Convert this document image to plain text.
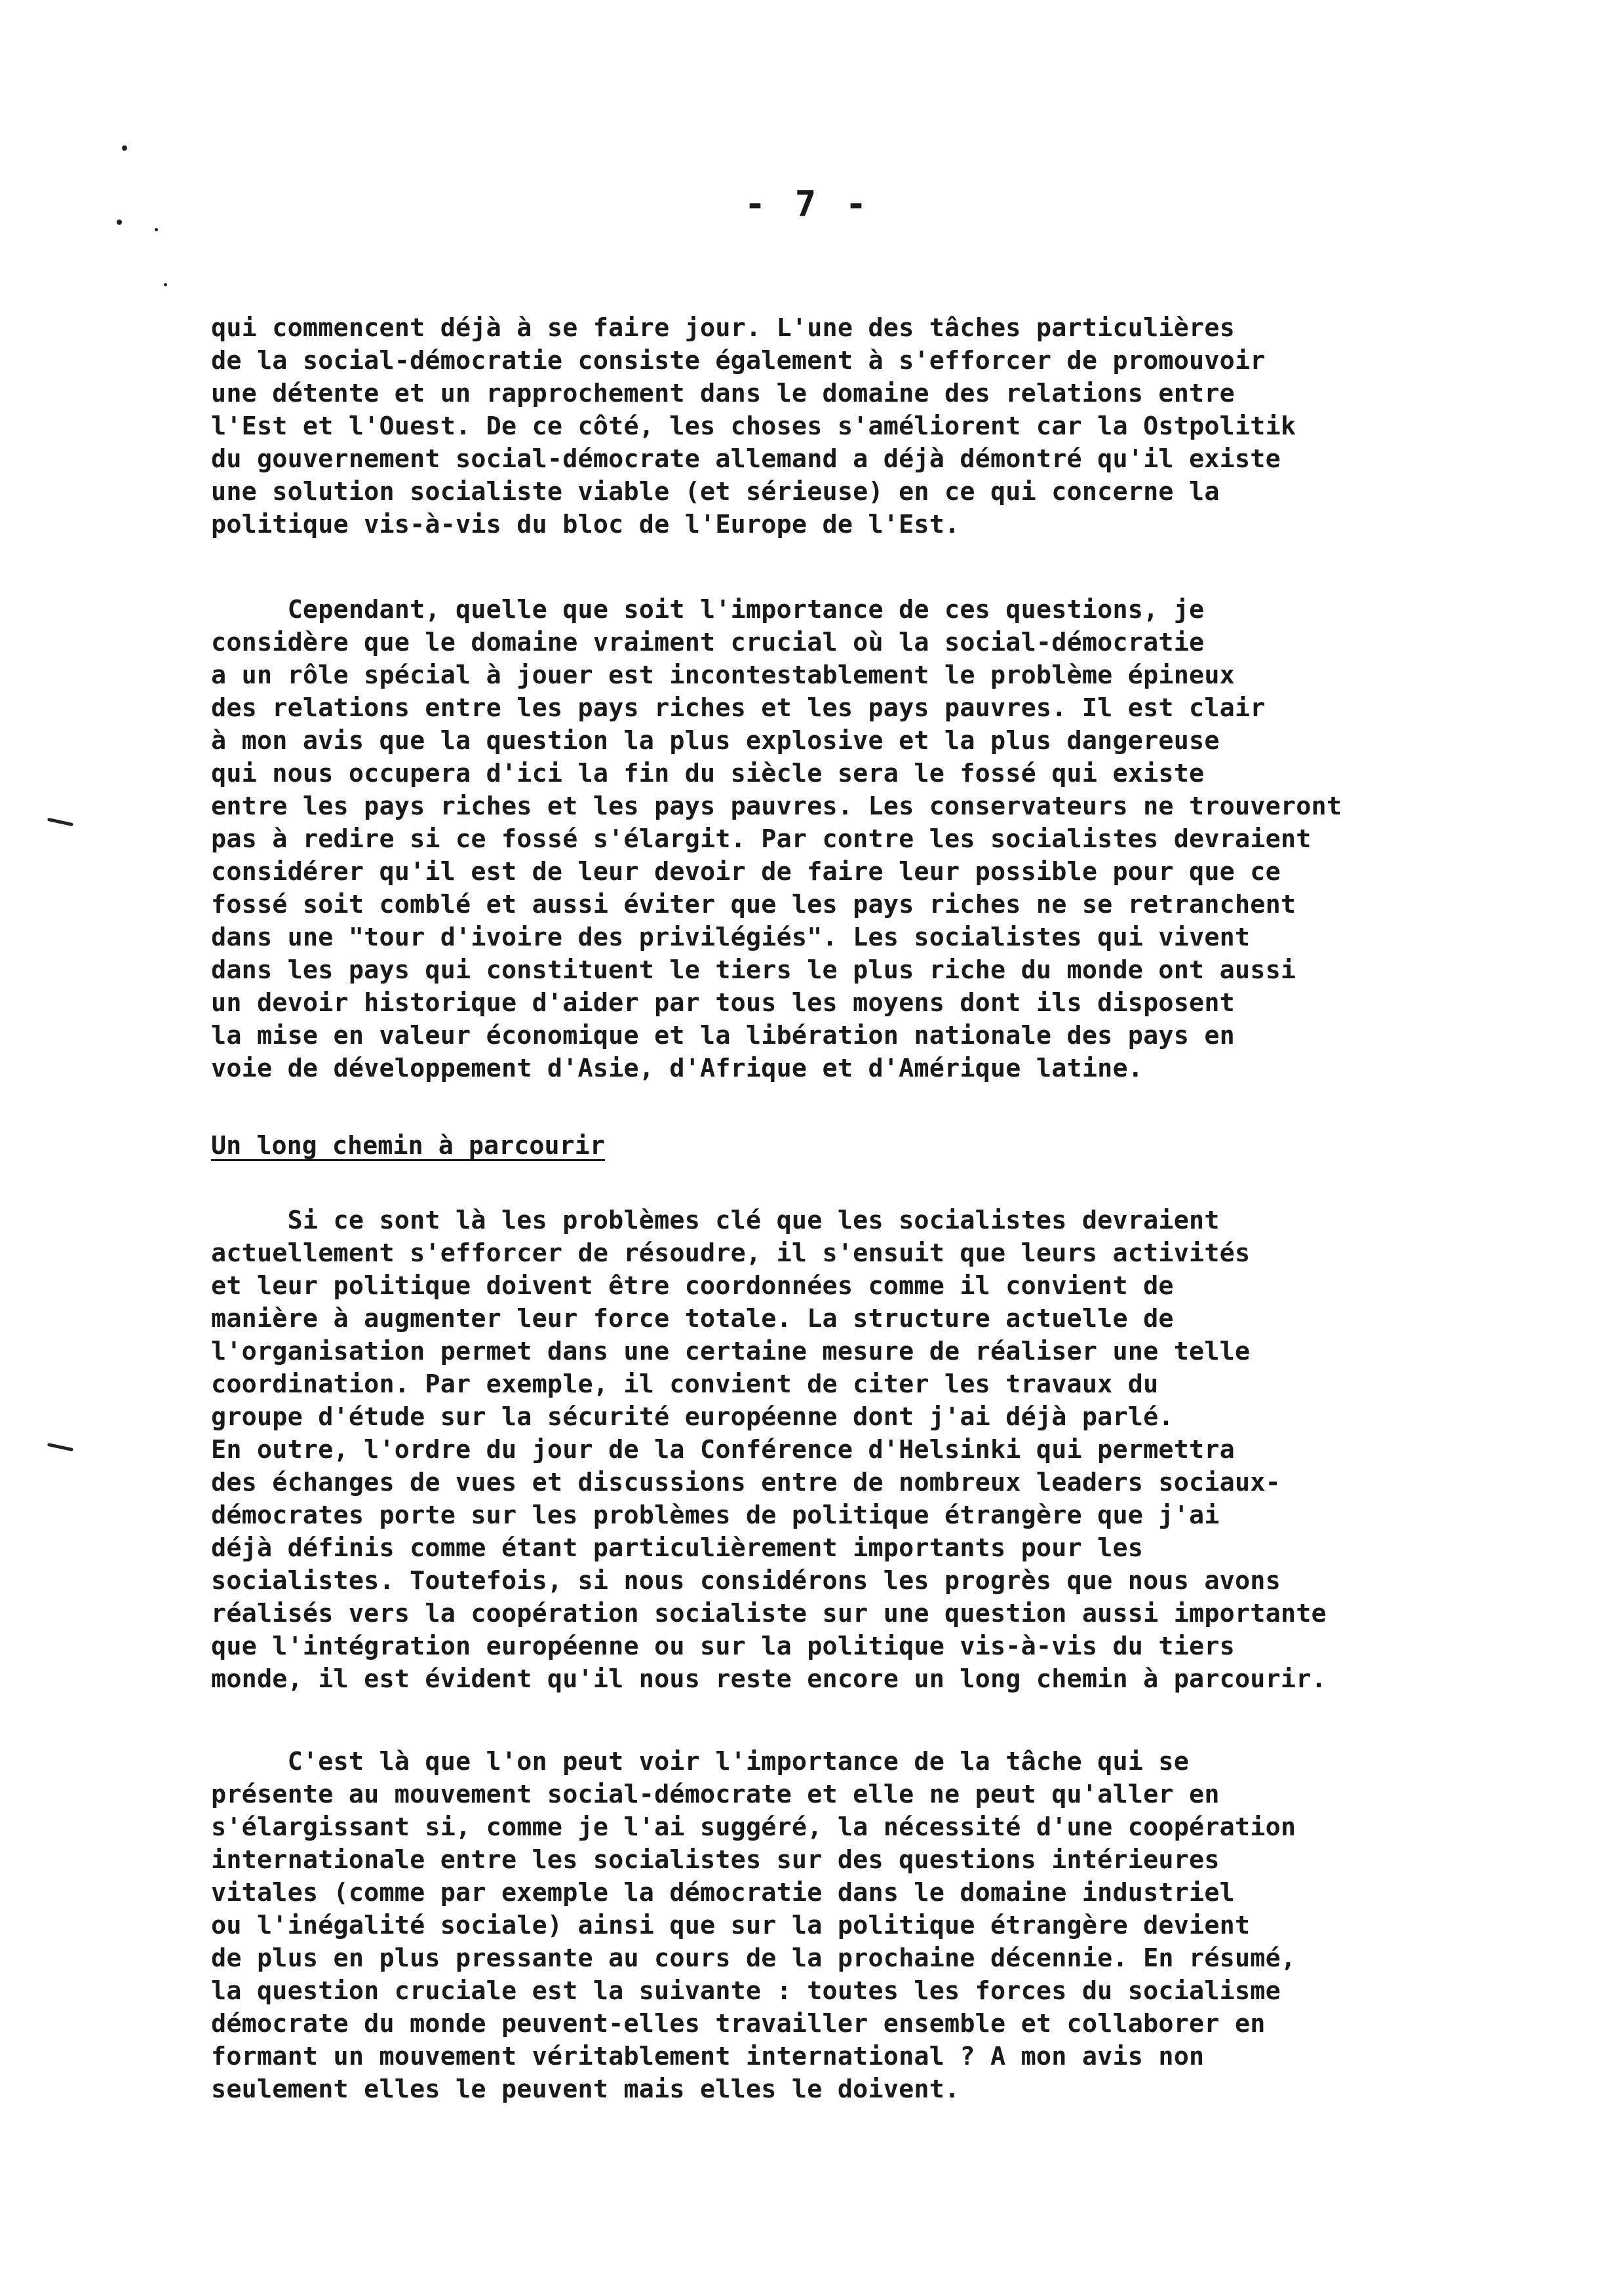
- 7 -

qui commencent déjà à se faire jour. L'une des tâches particulières

de la social-démocratie consiste également à s'efforcer de promouvoir

une détente et un rapprochement dans le domaine des relations entre

l'Est et l'Ouest. De ce côté, les choses s'améliorent car la Ostpolitik

du gouvernement social-démocrate allemand a déjà démontré qu'il existe

une solution socialiste viable (et sérieuse) en ce qui concerne la

politique vis-à-vis du bloc de l'Europe de l'Est.

Cependant, quelle que soit l'importance de ces questions, je

considère que le domaine vraiment crucial où la social-démocratie

a un rôle spécial à jouer est incontestablement le problème épineux

des relations entre les pays riches et les pays pauvres. Il est clair

à mon avis que la question la plus explosive et la plus dangereuse

qui nous occupera d'ici la fin du siècle sera le fossé qui existe

entre les pays riches et les pays pauvres. Les conservateurs ne trouveront

pas à redire si ce fossé s'élargit. Par contre les socialistes devraient

considérer qu'il est de leur devoir de faire leur possible pour que ce

fossé soit comblé et aussi éviter que les pays riches ne se retranchent

dans une "tour d'ivoire des privilégiés". Les socialistes qui vivent

dans les pays qui constituent le tiers le plus riche du monde ont aussi

un devoir historique d'aider par tous les moyens dont ils disposent

la mise en valeur économique et la libération nationale des pays en

voie de développement d'Asie, d'Afrique et d'Amérique latine.

Un long chemin à parcourir

Si ce sont là les problèmes clé que les socialistes devraient

actuellement s'efforcer de résoudre, il s'ensuit que leurs activités

et leur politique doivent être coordonnées comme il convient de

manière à augmenter leur force totale. La structure actuelle de

l'organisation permet dans une certaine mesure de réaliser une telle

coordination. Par exemple, il convient de citer les travaux du

groupe d'étude sur la sécurité européenne dont j'ai déjà parlé.

En outre, l'ordre du jour de la Conférence d'Helsinki qui permettra

des échanges de vues et discussions entre de nombreux leaders sociaux-

démocrates porte sur les problèmes de politique étrangère que j'ai

déjà définis comme étant particulièrement importants pour les

socialistes. Toutefois, si nous considérons les progrès que nous avons

réalisés vers la coopération socialiste sur une question aussi importante

que l'intégration européenne ou sur la politique vis-à-vis du tiers

monde, il est évident qu'il nous reste encore un long chemin à parcourir.

C'est là que l'on peut voir l'importance de la tâche qui se

présente au mouvement social-démocrate et elle ne peut qu'aller en

s'élargissant si, comme je l'ai suggéré, la nécessité d'une coopération

internationale entre les socialistes sur des questions intérieures

vitales (comme par exemple la démocratie dans le domaine industriel

ou l'inégalité sociale) ainsi que sur la politique étrangère devient

de plus en plus pressante au cours de la prochaine décennie. En résumé,

la question cruciale est la suivante : toutes les forces du socialisme

démocrate du monde peuvent-elles travailler ensemble et collaborer en

formant un mouvement véritablement international ? A mon avis non

seulement elles le peuvent mais elles le doivent.
